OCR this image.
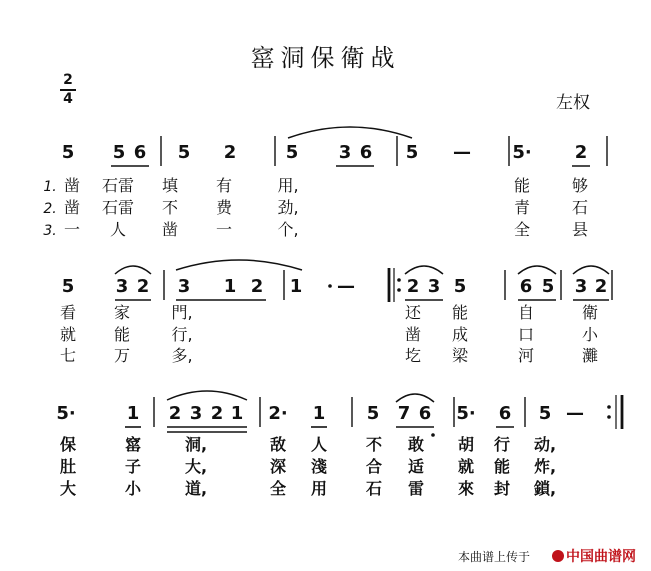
窰洞保衛战
2
4	左权
5 5 6 5 2	5 3 6 5 — 5· 2
1. 凿 石雷 填 有	用,	能	够
2. 凿 石雷 不 费	劲,	青	石
3. 一 人 凿 一	个,	全	县
5 3 2 3 1 2 1 —	2 3 5	6 5 3 2
看 家	門,	还 能	自	衛
就 能	行,	凿 成	口	小
七 万	多,	圪 梁	河	灘
5·	1 2 3 2 1 2· 1 5 7 6 5· 6 5 —
保	窰	洞,	敌 人 不 敢 胡 行 动,
肚	子	大,	深 淺 合 适 就 能 炸,
大	小	道,	全 用 石 雷 來 封 鎖,
本曲谱上传于	中国曲谱网
